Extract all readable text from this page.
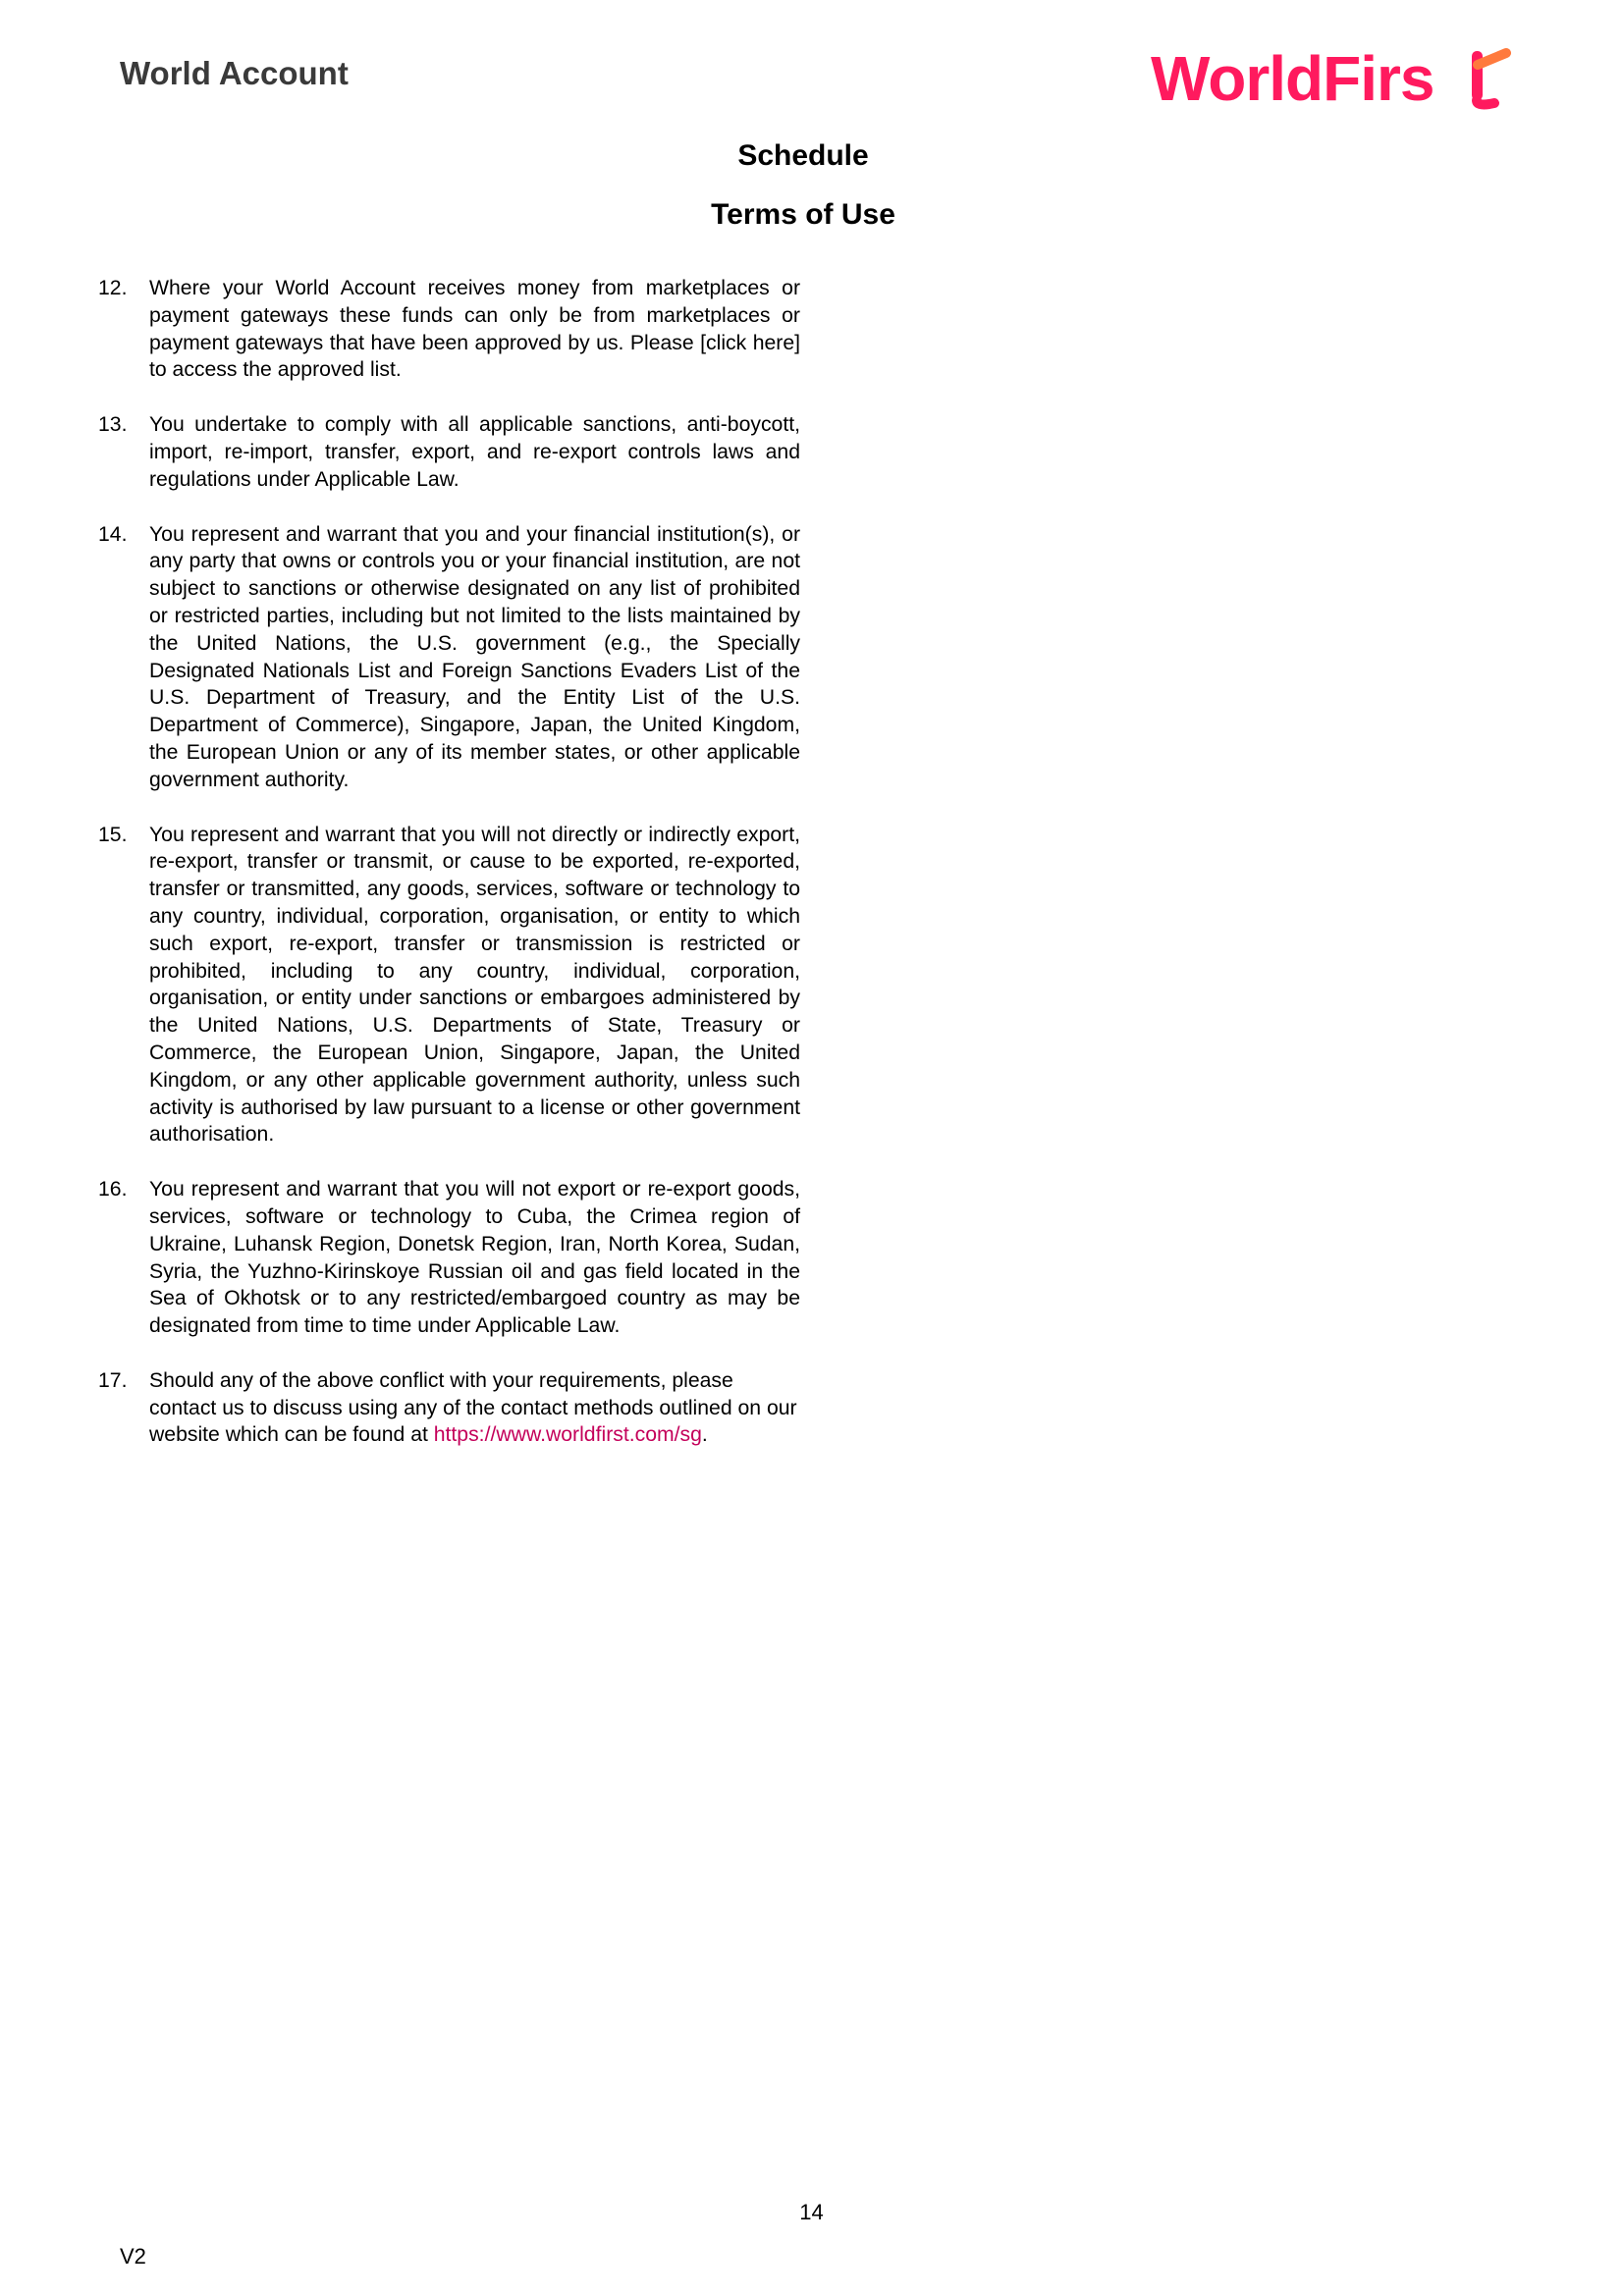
World Account	WorldFirs
Schedule
Terms of Use
12.	Where your World Account receives money from marketplaces or payment gateways these funds can only be from marketplaces or payment gateways that have been approved by us. Please [click here] to access the approved list.
13.	You undertake to comply with all applicable sanctions, anti-boycott, import, re-import, transfer, export, and re-export controls laws and regulations under Applicable Law.
14.	You represent and warrant that you and your financial institution(s), or any party that owns or controls you or your financial institution, are not subject to sanctions or otherwise designated on any list of prohibited or restricted parties, including but not limited to the lists maintained by the United Nations, the U.S. government (e.g., the Specially Designated Nationals List and Foreign Sanctions Evaders List of the U.S. Department of Treasury, and the Entity List of the U.S. Department of Commerce), Singapore, Japan, the United Kingdom, the European Union or any of its member states, or other applicable government authority.
15.	You represent and warrant that you will not directly or indirectly export, re-export, transfer or transmit, or cause to be exported, re-exported, transfer or transmitted, any goods, services, software or technology to any country, individual, corporation, organisation, or entity to which such export, re-export, transfer or transmission is restricted or prohibited, including to any country, individual, corporation, organisation, or entity under sanctions or embargoes administered by the United Nations, U.S. Departments of State, Treasury or Commerce, the European Union, Singapore, Japan, the United Kingdom, or any other applicable government authority, unless such activity is authorised by law pursuant to a license or other government authorisation.
16.	You represent and warrant that you will not export or re-export goods, services, software or technology to Cuba, the Crimea region of Ukraine, Luhansk Region, Donetsk Region, Iran, North Korea, Sudan, Syria, the Yuzhno-Kirinskoye Russian oil and gas field located in the Sea of Okhotsk or to any restricted/embargoed country as may be designated from time to time under Applicable Law.
17.	Should any of the above conflict with your requirements, please contact us to discuss using any of the contact methods outlined on our website which can be found at https://www.worldfirst.com/sg.
14
V2
